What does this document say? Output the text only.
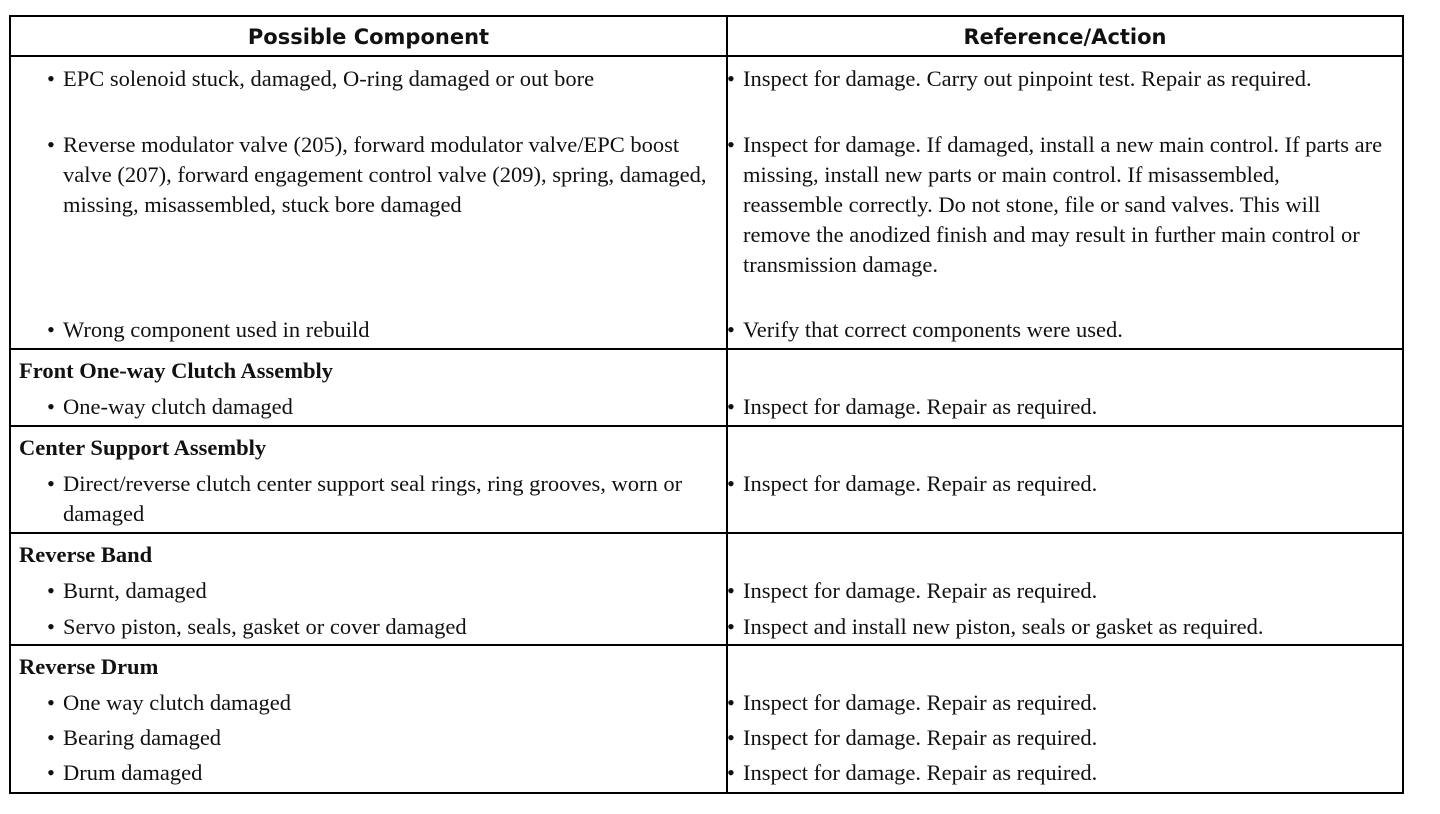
Possible Component	Reference/Action
• EPC solenoid stuck, damaged, O-ring damaged or out bore
• Reverse modulator valve (205), forward modulator valve/EPC boost valve (207), forward engagement control valve (209), spring, damaged, missing, misassembled, stuck bore damaged
• Wrong component used in rebuild
• Inspect for damage. Carry out pinpoint test. Repair as required.
• Inspect for damage. If damaged, install a new main control. If parts are missing, install new parts or main control. If misassembled, reassemble correctly. Do not stone, file or sand valves. This will remove the anodized finish and may result in further main control or transmission damage.
• Verify that correct components were used.
Front One-way Clutch Assembly
• One-way clutch damaged	• Inspect for damage. Repair as required.
Center Support Assembly
• Direct/reverse clutch center support seal rings, ring grooves, worn or damaged
• Inspect for damage. Repair as required.
Reverse Band
• Burnt, damaged
• Servo piston, seals, gasket or cover damaged
• Inspect for damage. Repair as required.
• Inspect and install new piston, seals or gasket as required.
Reverse Drum
• One way clutch damaged
• Bearing damaged
• Drum damaged
• Inspect for damage. Repair as required.
• Inspect for damage. Repair as required.
• Inspect for damage. Repair as required.
